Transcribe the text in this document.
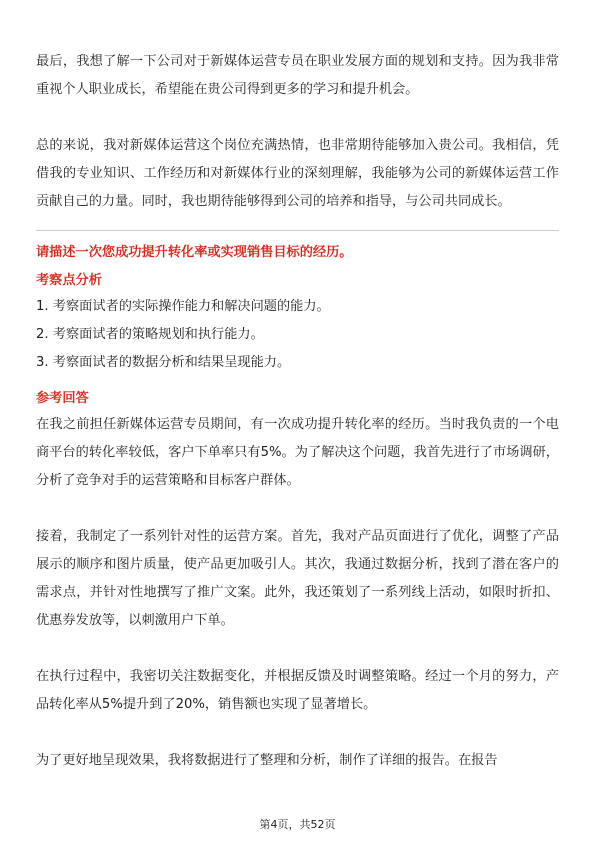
最后，我想了解一下公司对于新媒体运营专员在职业发展方面的规划和支持。因为我非常重视个人职业成长，希望能在贵公司得到更多的学习和提升机会。

总的来说，我对新媒体运营这个岗位充满热情，也非常期待能够加入贵公司。我相信，凭借我的专业知识、工作经历和对新媒体行业的深刻理解，我能够为公司的新媒体运营工作贡献自己的力量。同时，我也期待能够得到公司的培养和指导，与公司共同成长。

请描述一次您成功提升转化率或实现销售目标的经历。
考察点分析
1. 考察面试者的实际操作能力和解决问题的能力。
2. 考察面试者的策略规划和执行能力。
3. 考察面试者的数据分析和结果呈现能力。
参考回答

在我之前担任新媒体运营专员期间，有一次成功提升转化率的经历。当时我负责的一个电商平台的转化率较低，客户下单率只有5%。为了解决这个问题，我首先进行了市场调研，分析了竞争对手的运营策略和目标客户群体。

接着，我制定了一系列针对性的运营方案。首先，我对产品页面进行了优化，调整了产品展示的顺序和图片质量，使产品更加吸引人。其次，我通过数据分析，找到了潜在客户的需求点，并针对性地撰写了推广文案。此外，我还策划了一系列线上活动，如限时折扣、优惠券发放等，以刺激用户下单。

在执行过程中，我密切关注数据变化，并根据反馈及时调整策略。经过一个月的努力，产品转化率从5%提升到了20%，销售额也实现了显著增长。

为了更好地呈现效果，我将数据进行了整理和分析，制作了详细的报告。在报告

第4页，共52页
